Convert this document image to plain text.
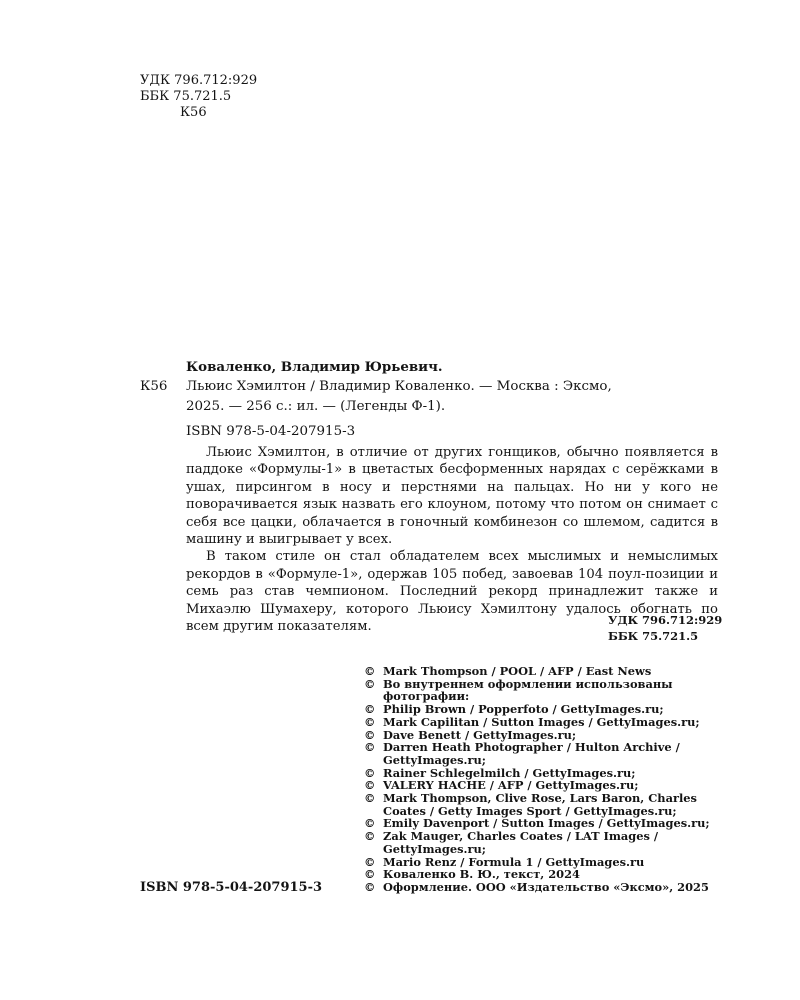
УДК 796.712:929
ББК 75.721.5
К56
К56
Коваленко, Владимир Юрьевич.
Льюис Хэмилтон / Владимир Коваленко. — Москва : Эксмо,
2025. — 256 с.: ил. — (Легенды Ф-1).
ISBN 978-5-04-207915-3

Льюис Хэмилтон, в отличие от других гонщиков, обычно появляется в паддоке «Формулы-1» в цветастых бесформенных нарядах с серёжками в ушах, пирсингом в носу и перстнями на пальцах. Но ни у кого не поворачивается язык назвать его клоуном, потому что потом он снимает с себя все цацки, облачается в гоночный комбинезон со шлемом, садится в машину и выигрывает у всех.

В таком стиле он стал обладателем всех мыслимых и немыслимых рекордов в «Формуле-1», одержав 105 побед, завоевав 104 поул-позиции и семь раз став чемпионом. Последний рекорд принадлежит также и Михаэлю Шумахеру, которого Льюису Хэмилтону удалось обогнать по всем другим показателям.	УДК 796.712:929
ББК 75.721.5
© Mark Thompson / POOL / AFP / East News
© Во внутреннем оформлении использованы фотографии:
© Philip Brown / Popperfoto / GettyImages.ru;
© Mark Capilitan / Sutton Images / GettyImages.ru;
© Dave Benett / GettyImages.ru;
© Darren Heath Photographer / Hulton Archive / GettyImages.ru;
© Rainer Schlegelmilch / GettyImages.ru;
© VALERY HACHE / AFP / GettyImages.ru;
© Mark Thompson, Clive Rose, Lars Baron, Charles Coates / Getty Images Sport / GettyImages.ru;
© Emily Davenport / Sutton Images / GettyImages.ru;
© Zak Mauger, Charles Coates / LAT Images / GettyImages.ru;
© Mario Renz / Formula 1 / GettyImages.ru
© Коваленко В. Ю., текст, 2024
© Оформление. ООО «Издательство «Эксмо», 2025
ISBN 978-5-04-207915-3
